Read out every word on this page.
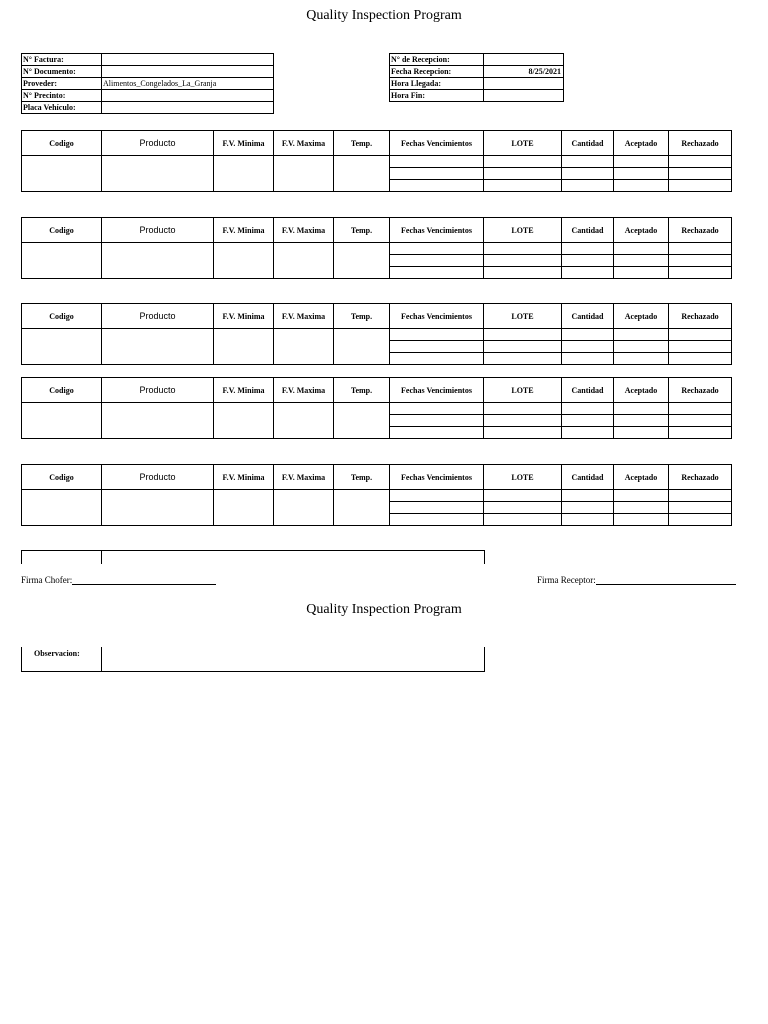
Quality Inspection Program
N° Factura:	
N° Documento:	
Proveder:	Alimentos_Congelados_La_Granja
N° Precinto:	
Placa Vehículo:	
N° de Recepcion:	
Fecha Recepcion:	8/25/2021
Hora Llegada:	
Hora Fin:	
Codigo	Producto	F.V. Minima	F.V. Maxima	Temp.	Fechas Vencimientos	LOTE	Cantidad	Aceptado	Rechazado

Codigo	Producto	F.V. Minima	F.V. Maxima	Temp.	Fechas Vencimientos	LOTE	Cantidad	Aceptado	Rechazado

Codigo	Producto	F.V. Minima	F.V. Maxima	Temp.	Fechas Vencimientos	LOTE	Cantidad	Aceptado	Rechazado

Codigo	Producto	F.V. Minima	F.V. Maxima	Temp.	Fechas Vencimientos	LOTE	Cantidad	Aceptado	Rechazado

Codigo	Producto	F.V. Minima	F.V. Maxima	Temp.	Fechas Vencimientos	LOTE	Cantidad	Aceptado	Rechazado

Firma Chofer:	Firma Receptor:
Quality Inspection Program
Observacion:
